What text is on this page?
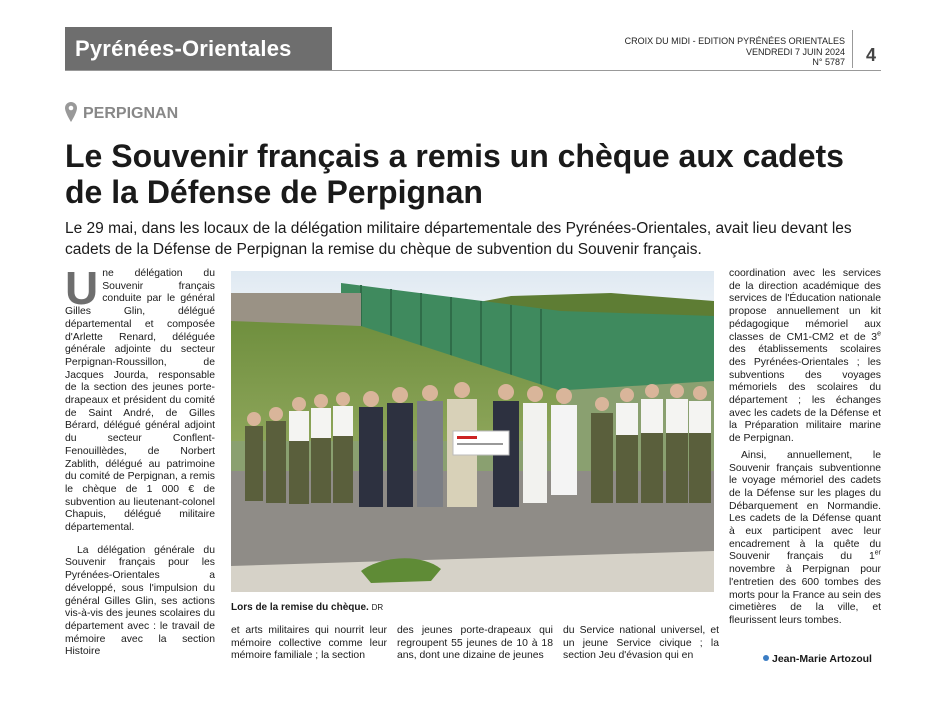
Pyrénées-Orientales	CROIX DU MIDI - EDITION PYRÉNÉES ORIENTALES
VENDREDI 7 JUIN 2024
N° 5787 4
PERPIGNAN
Le Souvenir français a remis un chèque aux cadets de la Défense de Perpignan

Le 29 mai, dans les locaux de la délégation militaire départementale des Pyrénées-Orientales, avait lieu devant les cadets de la Défense de Perpignan la remise du chèque de subvention du Souvenir français.

Une délégation du Souvenir français conduite par le général Gilles Glin, délégué départemental et composée d'Arlette Renard, déléguée générale adjointe du secteur Perpignan-Roussillon, de Jacques Jourda, responsable de la section des jeunes porte-drapeaux et président du comité de Saint André, de Gilles Bérard, délégué général adjoint du secteur Conflent-Fenouillèdes, de Norbert Zablith, délégué au patrimoine du comité de Perpignan, a remis le chèque de 1 000 € de subvention au lieutenant-colonel Chapuis, délégué militaire départemental.

La délégation générale du Souvenir français pour les Pyrénées-Orientales a développé, sous l'impulsion du général Gilles Glin, ses actions vis-à-vis des jeunes scolaires du département avec : le travail de mémoire avec la section Histoire

Lors de la remise du chèque. DR

et arts militaires qui nourrit leur mémoire collective comme leur mémoire familiale ; la section

des jeunes porte-drapeaux qui regroupent 55 jeunes de 10 à 18 ans, dont une dizaine de jeunes

du Service national universel, et un jeune Service civique ; la section Jeu d'évasion qui en

coordination avec les services de la direction académique des services de l'Éducation nationale propose annuellement un kit pédagogique mémoriel aux classes de CM1-CM2 et de 3e des établissements scolaires des Pyrénées-Orientales ; les subventions des voyages mémoriels des scolaires du département ; les échanges avec les cadets de la Défense et la Préparation militaire marine de Perpignan.

Ainsi, annuellement, le Souvenir français subventionne le voyage mémoriel des cadets de la Défense sur les plages du Débarquement en Normandie. Les cadets de la Défense quant à eux participent avec leur encadrement à la quête du Souvenir français du 1er novembre à Perpignan pour l'entretien des 600 tombes des morts pour la France au sein des cimetières de la ville, et fleurissent leurs tombes.

Jean-Marie Artozoul
